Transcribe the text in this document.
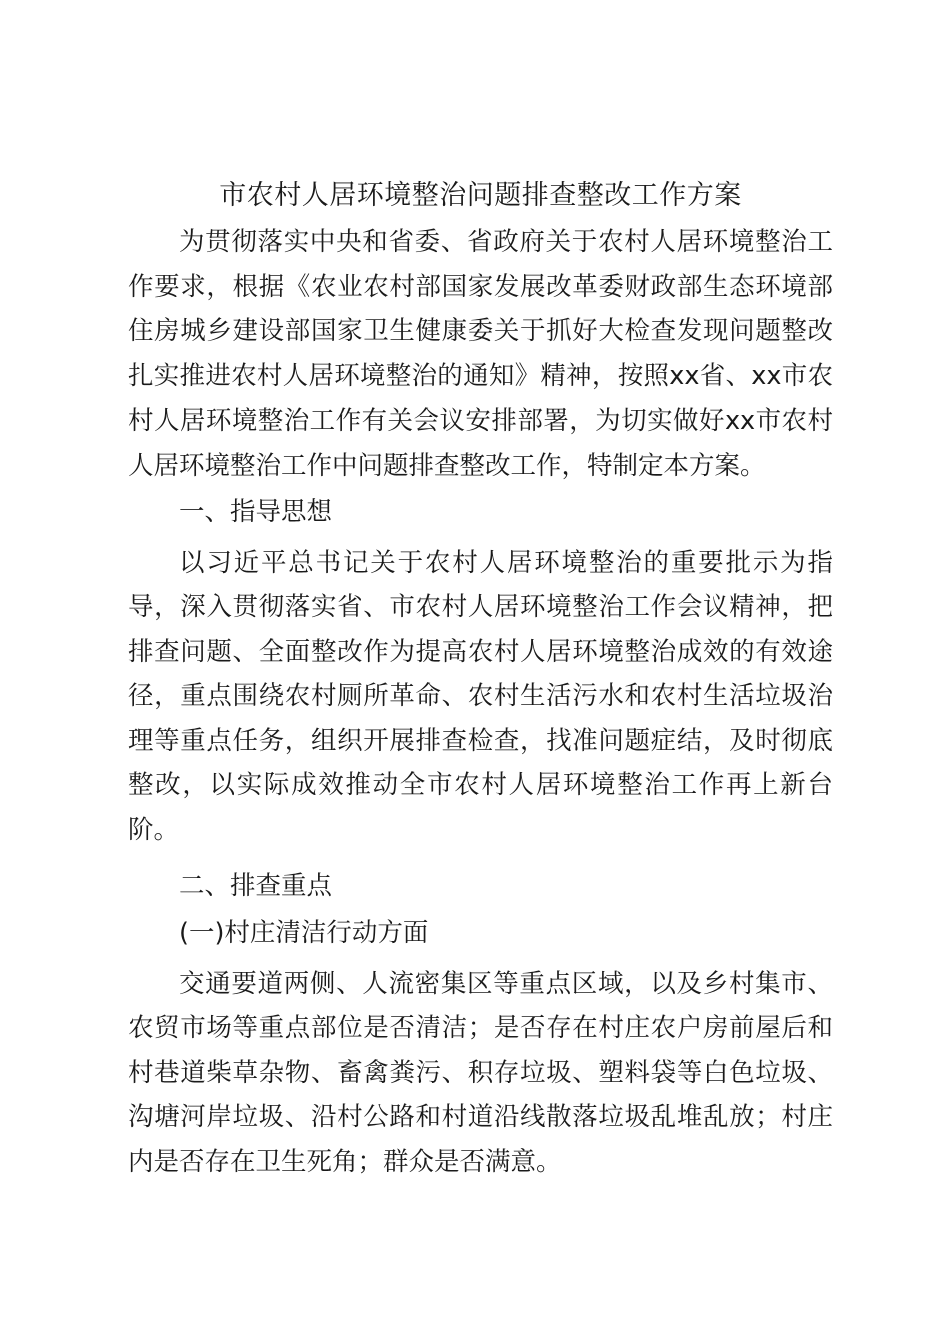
市农村人居环境整治问题排查整改工作方案

为贯彻落实中央和省委、省政府关于农村人居环境整治工作要求，根据《农业农村部国家发展改革委财政部生态环境部住房城乡建设部国家卫生健康委关于抓好大检查发现问题整改扎实推进农村人居环境整治的通知》精神，按照xx省、xx市农村人居环境整治工作有关会议安排部署，为切实做好xx市农村人居环境整治工作中问题排查整改工作，特制定本方案。

一、指导思想

以习近平总书记关于农村人居环境整治的重要批示为指导，深入贯彻落实省、市农村人居环境整治工作会议精神，把排查问题、全面整改作为提高农村人居环境整治成效的有效途径，重点围绕农村厕所革命、农村生活污水和农村生活垃圾治理等重点任务，组织开展排查检查，找准问题症结，及时彻底整改，以实际成效推动全市农村人居环境整治工作再上新台阶。

二、排查重点

(一)村庄清洁行动方面

交通要道两侧、人流密集区等重点区域，以及乡村集市、农贸市场等重点部位是否清洁；是否存在村庄农户房前屋后和村巷道柴草杂物、畜禽粪污、积存垃圾、塑料袋等白色垃圾、沟塘河岸垃圾、沿村公路和村道沿线散落垃圾乱堆乱放；村庄内是否存在卫生死角；群众是否满意。
